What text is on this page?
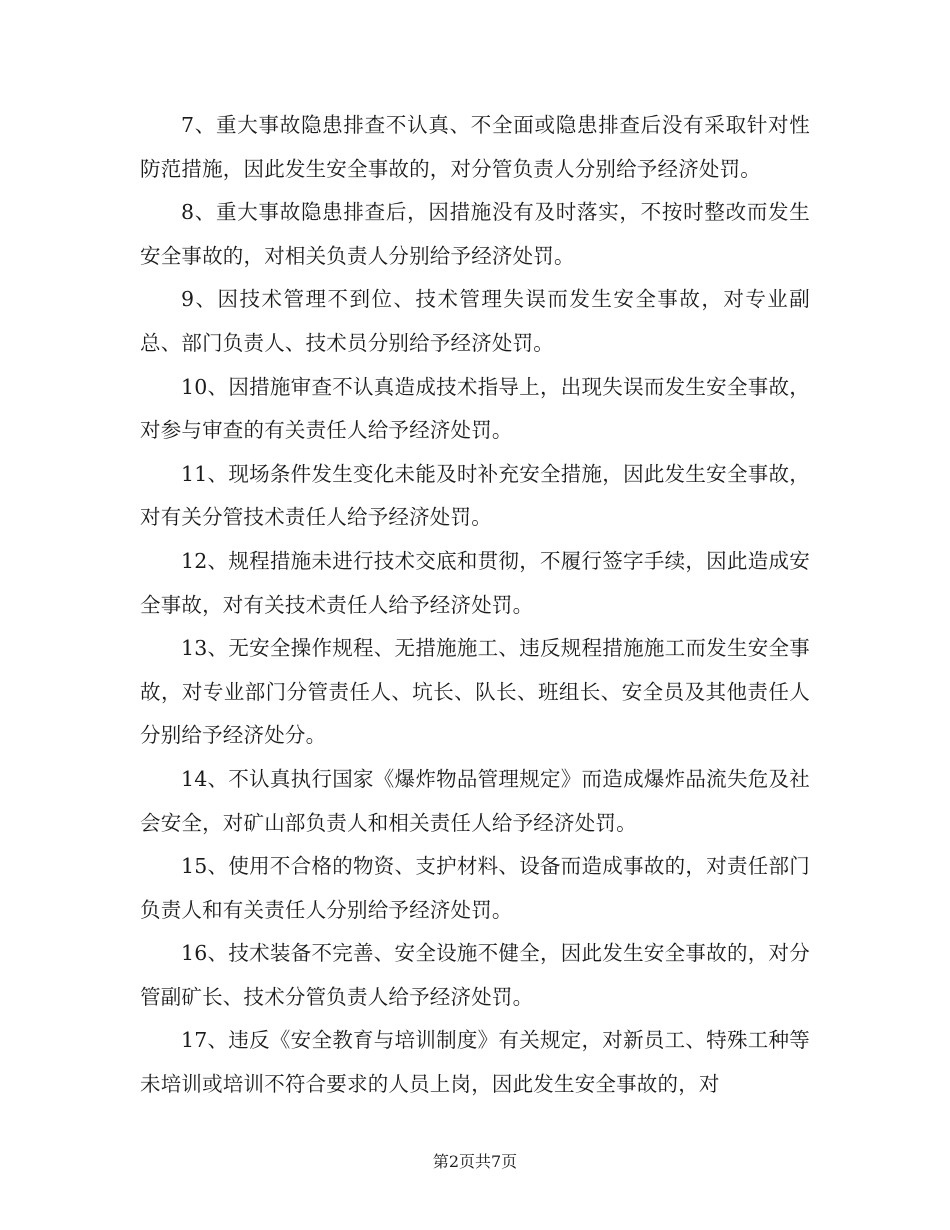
7、重大事故隐患排查不认真、不全面或隐患排查后没有采取针对性防范措施，因此发生安全事故的，对分管负责人分别给予经济处罚。

8、重大事故隐患排查后，因措施没有及时落实，不按时整改而发生安全事故的，对相关负责人分别给予经济处罚。

9、因技术管理不到位、技术管理失误而发生安全事故，对专业副总、部门负责人、技术员分别给予经济处罚。

10、因措施审查不认真造成技术指导上，出现失误而发生安全事故，对参与审查的有关责任人给予经济处罚。

11、现场条件发生变化未能及时补充安全措施，因此发生安全事故，对有关分管技术责任人给予经济处罚。

12、规程措施未进行技术交底和贯彻，不履行签字手续，因此造成安全事故，对有关技术责任人给予经济处罚。

13、无安全操作规程、无措施施工、违反规程措施施工而发生安全事故，对专业部门分管责任人、坑长、队长、班组长、安全员及其他责任人分别给予经济处分。

14、不认真执行国家《爆炸物品管理规定》而造成爆炸品流失危及社会安全，对矿山部负责人和相关责任人给予经济处罚。

15、使用不合格的物资、支护材料、设备而造成事故的，对责任部门负责人和有关责任人分别给予经济处罚。

16、技术装备不完善、安全设施不健全，因此发生安全事故的，对分管副矿长、技术分管负责人给予经济处罚。

17、违反《安全教育与培训制度》有关规定，对新员工、特殊工种等未培训或培训不符合要求的人员上岗，因此发生安全事故的，对

第2页共7页
